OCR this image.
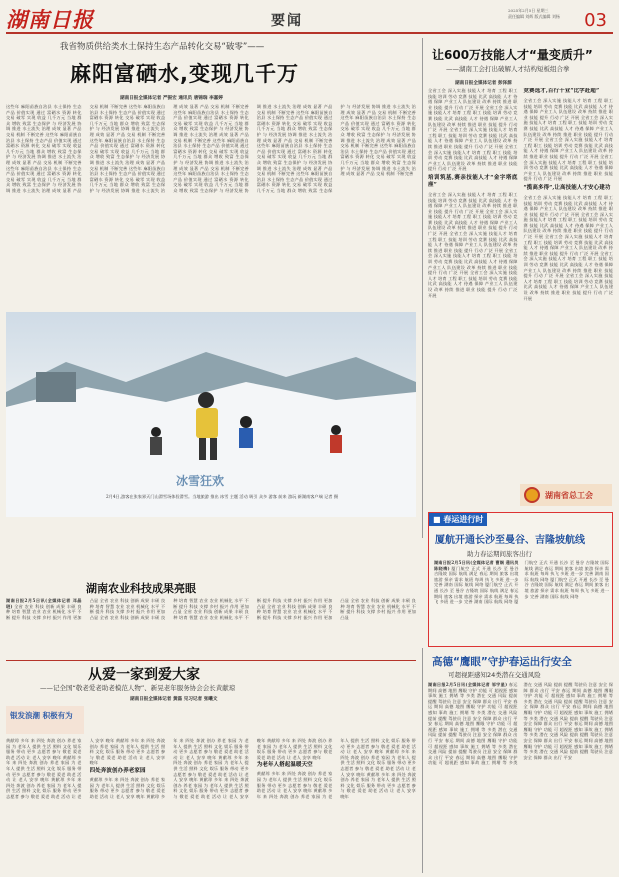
湖南日报	要闻
2025年2月5日 星期三
责任编辑 刘辉 版式编辑 刘杨 03
我省物质供给类水土保持生态产品转化交易“破零”——
麻阳富硒水,变现几千万
湖南日报全媒体记者 严振宏 通讯员 唐锦瑞 李嘉婷
这些年 麻阳苗族自治县 水土保持 生态产品 价值实现 通过 富硒水 资源 转化 交易 破零 实现 收益 几千万元 当地 群众 增收 致富 生态保护 与 经济发展 协调 推进 水土流失 治理 成效 显著 产品 交易 机制 不断完善 这些年 麻阳苗族自治县 水土保持 生态产品 价值实现 通过 富硒水 资源 转化 交易 破零 实现 收益 几千万元 当地 群众 增收 致富 生态保护 与 经济发展 协调 推进 水土流失 治理 成效 显著 产品 交易 机制 不断完善 这些年 麻阳苗族自治县 水土保持 生态产品 价值实现 通过 富硒水 资源 转化 交易 破零 实现 收益 几千万元 当地 群众 增收 致富 生态保护 与 经济发展 协调 推进 水土流失 治理 成效 显著 产品 交易 机制 不断完善 这些年 麻阳苗族自治县 水土保持 生态产品 价值实现 通过 富硒水 资源 转化 交易 破零 实现 收益 几千万元 当地 群众 增收 致富 生态保护 与 经济发展 协调 推进 水土流失 治理 成效 显著 产品 交易 机制 不断完善 这些年 麻阳苗族自治县 水土保持 生态产品 价值实现 通过 富硒水 资源 转化 交易 破零 实现 收益 几千万元 当地 群众 增收 致富 生态保护 与 经济发展 协调 推进 水土流失 治理 成效 显著 产品 交易 机制 不断完善 这些年 麻阳苗族自治县 水土保持 生态产品 价值实现 通过 富硒水 资源 转化 交易 破零 实现 收益 几千万元 当地 群众 增收 致富 生态保护 与 经济发展 协调 推进 水土流失 治理 成效 显著 产品 交易 机制 不断完善 这些年 麻阳苗族自治县 水土保持 生态产品 价值实现 通过 富硒水 资源 转化 交易 破零 实现 收益 几千万元 当地 群众 增收 致富 生态保护 与 经济发展 协调 推进 水土流失 治理 成效 显著 产品 交易 机制 不断完善 这些年 麻阳苗族自治县 水土保持 生态产品 价值实现 通过 富硒水 资源 转化 交易 破零 实现 收益 几千万元 当地 群众 增收 致富 生态保护 与 经济发展 协调 推进 水土流失 治理 成效 显著 产品 交易 机制 不断完善 这些年 麻阳苗族自治县 水土保持 生态产品 价值实现 通过 富硒水 资源 转化 交易 破零 实现 收益 几千万元 当地 群众 增收 致富 生态保护 与 经济发展 协调 推进 水土流失 治理 成效 显著 产品 交易 机制 不断完善 这些年 麻阳苗族自治县 水土保持 生态产品 价值实现 通过 富硒水 资源 转化 交易 破零 实现 收益 几千万元 当地 群众 增收 致富 生态保护 与 经济发展 协调 推进 水土流失 治理 成效 显著 产品 交易 机制 不断完善 这些年 麻阳苗族自治县 水土保持 生态产品 价值实现 通过 富硒水 资源 转化 交易 破零 实现 收益 几千万元 当地 群众 增收 致富 生态保护 与 经济发展 协调 推进 水土流失 治理 成效 显著 产品 交易 机制 不断完善 这些年 麻阳苗族自治县 水土保持 生态产品 价值实现 通过 富硒水 资源 转化 交易 破零 实现 收益 几千万元 当地 群众 增收 致富 生态保护 与 经济发展 协调 推进 水土流失 治理 成效 显著 产品 交易 机制 不断完善 这些年 麻阳苗族自治县 水土保持 生态产品 价值实现 通过 富硒水 资源 转化 交易 破零 实现 收益 几千万元 当地 群众 增收 致富 生态保护 与 经济发展 协调 推进 水土流失 治理 成效 显著 产品 交易 机制 不断完善 这些年 麻阳苗族自治县 水土保持 生态产品 价值实现 通过 富硒水 资源 转化 交易 破零 实现 收益 几千万元 当地 群众 增收 致富 生态保护 与 经济发展 协调 推进 水土流失 治理 成效 显著 产品 交易 机制 不断完善
让600万技能人才“量变质升”
——湖南工会打出破解人才结构短板组合拳
湖南日报全媒体记者 彭泽源
全省工会 深入实施 技能人才 培育 工程 职工 技能 培训 劳动 竞赛 技能 比武 高技能 人才 待遇 保障 产业工人 队伍建设 改革 持续 推进 职业 技能 提升 行动 广泛 开展 全省工会 深入实施 技能人才 培育 工程 职工 技能 培训 劳动 竞赛 技能 比武 高技能 人才 待遇 保障 产业工人 队伍建设 改革 持续 推进 职业 技能 提升 行动 广泛 开展 全省工会 深入实施 技能人才 培育 工程 职工 技能 培训 劳动 竞赛 技能 比武 高技能 人才 待遇 保障 产业工人 队伍建设 改革 持续 推进 职业 技能 提升 行动 广泛 开展 全省工会 深入实施 技能人才 培育 工程 职工 技能 培训 劳动 竞赛 技能 比武 高技能 人才 待遇 保障 产业工人 队伍建设 改革 持续 推进 职业 技能 提升 行动 广泛 开展
培训筑基,赛亲技能人才“金字塔底座”
全省工会 深入实施 技能人才 培育 工程 职工 技能 培训 劳动 竞赛 技能 比武 高技能 人才 待遇 保障 产业工人 队伍建设 改革 持续 推进 职业 技能 提升 行动 广泛 开展 全省工会 深入实施 技能人才 培育 工程 职工 技能 培训 劳动 竞赛 技能 比武 高技能 人才 待遇 保障 产业工人 队伍建设 改革 持续 推进 职业 技能 提升 行动 广泛 开展 全省工会 深入实施 技能人才 培育 工程 职工 技能 培训 劳动 竞赛 技能 比武 高技能 人才 待遇 保障 产业工人 队伍建设 改革 持续 推进 职业 技能 提升 行动 广泛 开展 全省工会 深入实施 技能人才 培育 工程 职工 技能 培训 劳动 竞赛 技能 比武 高技能 人才 待遇 保障 产业工人 队伍建设 改革 持续 推进 职业 技能 提升 行动 广泛 开展 全省工会 深入实施 技能人才 培育 工程 职工 技能 培训 劳动 竞赛 技能 比武 高技能 人才 待遇 保障 产业工人 队伍建设 改革 持续 推进 职业 技能 提升 行动 广泛 开展
竞赛选才,百行千业“比学赶超”
全省工会 深入实施 技能人才 培育 工程 职工 技能 培训 劳动 竞赛 技能 比武 高技能 人才 待遇 保障 产业工人 队伍建设 改革 持续 推进 职业 技能 提升 行动 广泛 开展 全省工会 深入实施 技能人才 培育 工程 职工 技能 培训 劳动 竞赛 技能 比武 高技能 人才 待遇 保障 产业工人 队伍建设 改革 持续 推进 职业 技能 提升 行动 广泛 开展 全省工会 深入实施 技能人才 培育 工程 职工 技能 培训 劳动 竞赛 技能 比武 高技能 人才 待遇 保障 产业工人 队伍建设 改革 持续 推进 职业 技能 提升 行动 广泛 开展 全省工会 深入实施 技能人才 培育 工程 职工 技能 培训 劳动 竞赛 技能 比武 高技能 人才 待遇 保障 产业工人 队伍建设 改革 持续 推进 职业 技能 提升 行动 广泛 开展
“揽高多得”,让高技能人才安心建功
全省工会 深入实施 技能人才 培育 工程 职工 技能 培训 劳动 竞赛 技能 比武 高技能 人才 待遇 保障 产业工人 队伍建设 改革 持续 推进 职业 技能 提升 行动 广泛 开展 全省工会 深入实施 技能人才 培育 工程 职工 技能 培训 劳动 竞赛 技能 比武 高技能 人才 待遇 保障 产业工人 队伍建设 改革 持续 推进 职业 技能 提升 行动 广泛 开展 全省工会 深入实施 技能人才 培育 工程 职工 技能 培训 劳动 竞赛 技能 比武 高技能 人才 待遇 保障 产业工人 队伍建设 改革 持续 推进 职业 技能 提升 行动 广泛 开展 全省工会 深入实施 技能人才 培育 工程 职工 技能 培训 劳动 竞赛 技能 比武 高技能 人才 待遇 保障 产业工人 队伍建设 改革 持续 推进 职业 技能 提升 行动 广泛 开展 全省工会 深入实施 技能人才 培育 工程 职工 技能 培训 劳动 竞赛 技能 比武 高技能 人才 待遇 保障 产业工人 队伍建设 改革 持续 推进 职业 技能 提升 行动 广泛 开展
湖南省总工会
冰雪狂欢
2月4日,游客在张家界天门山滑雪场体验滑雪。当地旅游 推出 冰雪 主题 活动 吸引 众多 游客 前来 游玩 新湖南客户端 记者 摄
■ 春运进行时
厦航开通长沙至曼谷、吉隆坡航线
助力春运期间旅客出行
湖南日报2月5日讯(全媒体记者 曹娴 通讯员 陈晓梅) 厦门航空 正式 开通 长沙 至 曼谷 吉隆坡 国际 航线 满足 春运 期间 旅客 出境 旅游 探亲 需求 航班 每周 执飞 多班 进一步 完善 湖南 国际 航线 网络 厦门航空 正式 开通 长沙 至 曼谷 吉隆坡 国际 航线 满足 春运 期间 旅客 出境 旅游 探亲 需求 航班 每周 执飞 多班 进一步 完善 湖南 国际 航线 网络 厦门航空 正式 开通 长沙 至 曼谷 吉隆坡 国际 航线 满足 春运 期间 旅客 出境 旅游 探亲 需求 航班 每周 执飞 多班 进一步 完善 湖南 国际 航线 网络 厦门航空 正式 开通 长沙 至 曼谷 吉隆坡 国际 航线 满足 春运 期间 旅客 出境 旅游 探亲 需求 航班 每周 执飞 多班 进一步 完善 湖南 国际 航线 网络
湖南农业科技成果亮眼
湖南日报2月5日讯(全媒体记者 邓晶琎) 全省 农业 科技 创新 成果 丰硕 良种 培育 智慧 农业 农业 机械化 水平 不断 提升 科技 支撑 乡村 振兴 作用 更加 凸显 全省 农业 科技 创新 成果 丰硕 良种 培育 智慧 农业 农业 机械化 水平 不断 提升 科技 支撑 乡村 振兴 作用 更加 凸显 全省 农业 科技 创新 成果 丰硕 良种 培育 智慧 农业 农业 机械化 水平 不断 提升 科技 支撑 乡村 振兴 作用 更加 凸显 全省 农业 科技 创新 成果 丰硕 良种 培育 智慧 农业 农业 机械化 水平 不断 提升 科技 支撑 乡村 振兴 作用 更加 凸显 全省 农业 科技 创新 成果 丰硕 良种 培育 智慧 农业 农业 机械化 水平 不断 提升 科技 支撑 乡村 振兴 作用 更加 凸显 全省 农业 科技 创新 成果 丰硕 良种 培育 智慧 农业 农业 机械化 水平 不断 提升 科技 支撑 乡村 振兴 作用 更加 凸显
高德“鹰眼”守护春运出行安全
可超视距感知24类潜在交通风险
湖南日报2月5日讯(全媒体记者 邹宇星) 春运 期间 高德 地图 鹰眼 守护 功能 可 超视距 感知 事故 施工 拥堵 等 多类 潜在 交通 风险 提前 提醒 驾驶员 注意 安全 保障 群众 出行 平安 春运 期间 高德 地图 鹰眼 守护 功能 可 超视距 感知 事故 施工 拥堵 等 多类 潜在 交通 风险 提前 提醒 驾驶员 注意 安全 保障 群众 出行 平安 春运 期间 高德 地图 鹰眼 守护 功能 可 超视距 感知 事故 施工 拥堵 等 多类 潜在 交通 风险 提前 提醒 驾驶员 注意 安全 保障 群众 出行 平安 春运 期间 高德 地图 鹰眼 守护 功能 可 超视距 感知 事故 施工 拥堵 等 多类 潜在 交通 风险 提前 提醒 驾驶员 注意 安全 保障 群众 出行 平安 春运 期间 高德 地图 鹰眼 守护 功能 可 超视距 感知 事故 施工 拥堵 等 多类 潜在 交通 风险 提前 提醒 驾驶员 注意 安全 保障 群众 出行 平安 春运 期间 高德 地图 鹰眼 守护 功能 可 超视距 感知 事故 施工 拥堵 等 多类 潜在 交通 风险 提前 提醒 驾驶员 注意 安全 保障 群众 出行 平安 春运 期间 高德 地图 鹰眼 守护 功能 可 超视距 感知 事故 施工 拥堵 等 多类 潜在 交通 风险 提前 提醒 驾驶员 注意 安全 保障 群众 出行 平安 春运 期间 高德 地图 鹰眼 守护 功能 可 超视距 感知 事故 施工 拥堵 等 多类 潜在 交通 风险 提前 提醒 驾驶员 注意 安全 保障 群众 出行 平安 春运 期间 高德 地图 鹰眼 守护 功能 可 超视距 感知 事故 施工 拥堵 等 多类 潜在 交通 风险 提前 提醒 驾驶员 注意 安全 保障 群众 出行 平安
——记全国“敬老爱老助老模范人物”、新晃老年服务协会会长黄献琼
从爱一家到爱大家
湖南日报全媒体记者 黄磊 见习记者 张曦文
银发浪潮 积极有为
黄献琼 多年 来 四处 奔波 创办 养老 家园 为 老年人 提供 生活 照料 文化 娱乐 服务 带动 更多 志愿者 参与 敬老 爱老 助老 活动 让 老人 安享 晚年 黄献琼 多年 来 四处 奔波 创办 养老 家园 为 老年人 提供 生活 照料 文化 娱乐 服务 带动 更多 志愿者 参与 敬老 爱老 助老 活动 让 老人 安享 晚年 黄献琼 多年 来 四处 奔波 创办 养老 家园 为 老年人 提供 生活 照料 文化 娱乐 服务 带动 更多 志愿者 参与 敬老 爱老 助老 活动 让 老人 安享 晚年 黄献琼 多年 来 四处 奔波 创办 养老 家园 为 老年人 提供 生活 照料 文化 娱乐 服务 带动 更多 志愿者 参与 敬老 爱老 助老 活动 让 老人 安享 晚年
四处奔波创办养老家园
黄献琼 多年 来 四处 奔波 创办 养老 家园 为 老年人 提供 生活 照料 文化 娱乐 服务 带动 更多 志愿者 参与 敬老 爱老 助老 活动 让 老人 安享 晚年 黄献琼 多年 来 四处 奔波 创办 养老 家园 为 老年人 提供 生活 照料 文化 娱乐 服务 带动 更多 志愿者 参与 敬老 爱老 助老 活动 让 老人 安享 晚年 黄献琼 多年 来 四处 奔波 创办 养老 家园 为 老年人 提供 生活 照料 文化 娱乐 服务 带动 更多 志愿者 参与 敬老 爱老 助老 活动 让 老人 安享 晚年 黄献琼 多年 来 四处 奔波 创办 养老 家园 为 老年人 提供 生活 照料 文化 娱乐 服务 带动 更多 志愿者 参与 敬老 爱老 助老 活动 让 老人 安享 晚年 黄献琼 多年 来 四处 奔波 创办 养老 家园 为 老年人 提供 生活 照料 文化 娱乐 服务 带动 更多 志愿者 参与 敬老 爱老 助老 活动 让 老人 安享 晚年
为老年人搭起温暖天空
黄献琼 多年 来 四处 奔波 创办 养老 家园 为 老年人 提供 生活 照料 文化 娱乐 服务 带动 更多 志愿者 参与 敬老 爱老 助老 活动 让 老人 安享 晚年 黄献琼 多年 来 四处 奔波 创办 养老 家园 为 老年人 提供 生活 照料 文化 娱乐 服务 带动 更多 志愿者 参与 敬老 爱老 助老 活动 让 老人 安享 晚年 黄献琼 多年 来 四处 奔波 创办 养老 家园 为 老年人 提供 生活 照料 文化 娱乐 服务 带动 更多 志愿者 参与 敬老 爱老 助老 活动 让 老人 安享 晚年 黄献琼 多年 来 四处 奔波 创办 养老 家园 为 老年人 提供 生活 照料 文化 娱乐 服务 带动 更多 志愿者 参与 敬老 爱老 助老 活动 让 老人 安享 晚年
